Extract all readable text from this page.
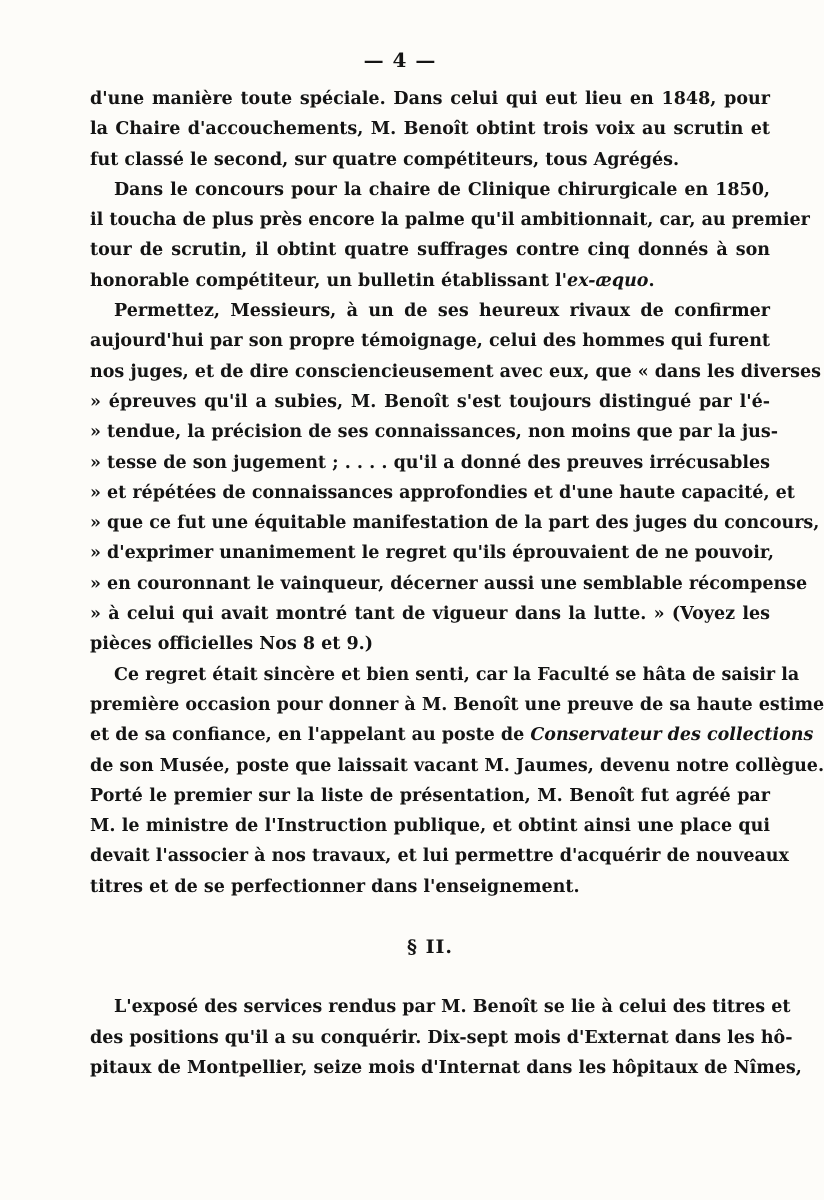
— 4 —
d'une manière toute spéciale. Dans celui qui eut lieu en 1848, pour
la Chaire d'accouchements, M. Benoît obtint trois voix au scrutin et
fut classé le second, sur quatre compétiteurs, tous Agrégés.
Dans le concours pour la chaire de Clinique chirurgicale en 1850,
il toucha de plus près encore la palme qu'il ambitionnait, car, au premier
tour de scrutin, il obtint quatre suffrages contre cinq donnés à son
honorable compétiteur, un bulletin établissant l'ex-æquo.
Permettez, Messieurs, à un de ses heureux rivaux de confirmer
aujourd'hui par son propre témoignage, celui des hommes qui furent
nos juges, et de dire consciencieusement avec eux, que « dans les diverses
» épreuves qu'il a subies, M. Benoît s'est toujours distingué par l'é-
» tendue, la précision de ses connaissances, non moins que par la jus-
» tesse de son jugement ; . . . . qu'il a donné des preuves irrécusables
» et répétées de connaissances approfondies et d'une haute capacité, et
» que ce fut une équitable manifestation de la part des juges du concours,
» d'exprimer unanimement le regret qu'ils éprouvaient de ne pouvoir,
» en couronnant le vainqueur, décerner aussi une semblable récompense
» à celui qui avait montré tant de vigueur dans la lutte. » (Voyez les
pièces officielles Nos 8 et 9.)
Ce regret était sincère et bien senti, car la Faculté se hâta de saisir la
première occasion pour donner à M. Benoît une preuve de sa haute estime
et de sa confiance, en l'appelant au poste de Conservateur des collections
de son Musée, poste que laissait vacant M. Jaumes, devenu notre collègue.
Porté le premier sur la liste de présentation, M. Benoît fut agréé par
M. le ministre de l'Instruction publique, et obtint ainsi une place qui
devait l'associer à nos travaux, et lui permettre d'acquérir de nouveaux
titres et de se perfectionner dans l'enseignement.
§ II.
L'exposé des services rendus par M. Benoît se lie à celui des titres et
des positions qu'il a su conquérir. Dix-sept mois d'Externat dans les hô-
pitaux de Montpellier, seize mois d'Internat dans les hôpitaux de Nîmes,
